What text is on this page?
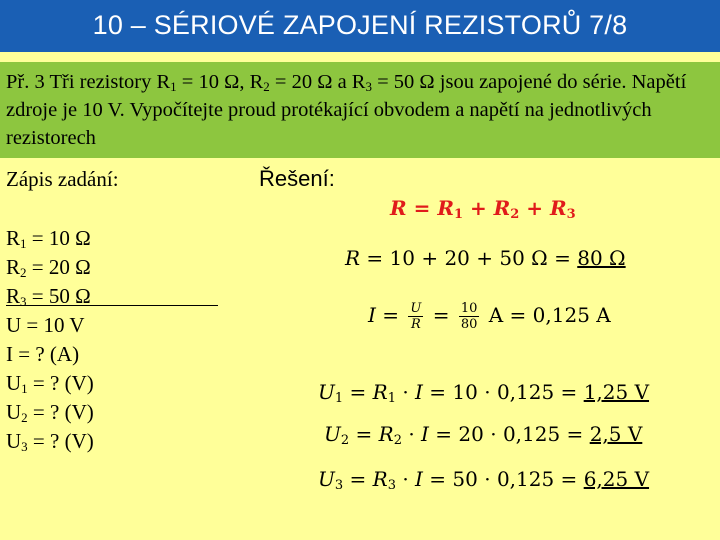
10 – SÉRIOVÉ ZAPOJENÍ REZISTORŮ 7/8
Př. 3 Tři rezistory $R_1 = 10$ Ω, $R_2 = 20$ Ω a $R_3 = 50$ Ω jsou zapojené do série. Napětí zdroje je 10 V. Vypočítejte proud protékající obvodem a napětí na jednotlivých rezistorech
Zápis zadání:
$R_1 = 10$ Ω
$R_2 = 20$ Ω
$R_3 = 50$ Ω
U = 10 V
I = ? (A)
$U_1$ = ? (V)
$U_2$ = ? (V)
$U_3$ = ? (V)
Řešení:
$R = R_1 + R_2 + R_3$
R = 10 + 20 + 50 Ω = 80 Ω
$I = \frac{U}{R} = \frac{10}{80}$ A = 0,125 A
$U_1 = R_1 \cdot I = 10 \cdot 0,125 = 1,25$ V
$U_2 = R_2 \cdot I = 20 \cdot 0,125 = 2,5$ V
$U_3 = R_3 \cdot I = 50 \cdot 0,125 = 6,25$ V
